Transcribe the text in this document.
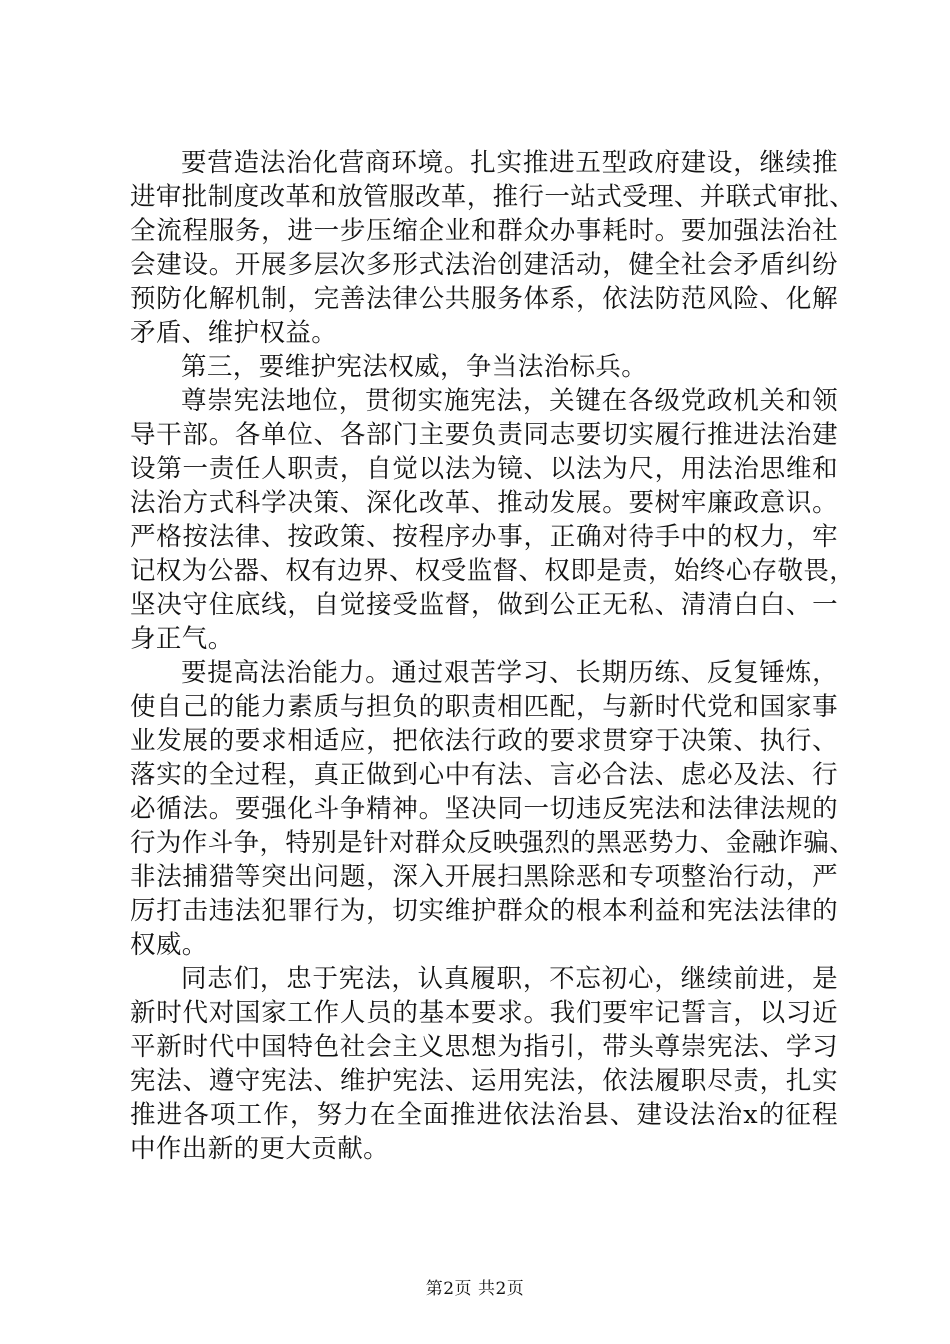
要营造法治化营商环境。扎实推进五型政府建设，继续推
进审批制度改革和放管服改革，推行一站式受理、并联式审批、
全流程服务，进一步压缩企业和群众办事耗时。要加强法治社
会建设。开展多层次多形式法治创建活动，健全社会矛盾纠纷
预防化解机制，完善法律公共服务体系，依法防范风险、化解
矛盾、维护权益。
第三，要维护宪法权威，争当法治标兵。
尊崇宪法地位，贯彻实施宪法，关键在各级党政机关和领
导干部。各单位、各部门主要负责同志要切实履行推进法治建
设第一责任人职责，自觉以法为镜、以法为尺，用法治思维和
法治方式科学决策、深化改革、推动发展。要树牢廉政意识。
严格按法律、按政策、按程序办事，正确对待手中的权力，牢
记权为公器、权有边界、权受监督、权即是责，始终心存敬畏，
坚决守住底线，自觉接受监督，做到公正无私、清清白白、一
身正气。
要提高法治能力。通过艰苦学习、长期历练、反复锤炼，
使自己的能力素质与担负的职责相匹配，与新时代党和国家事
业发展的要求相适应，把依法行政的要求贯穿于决策、执行、
落实的全过程，真正做到心中有法、言必合法、虑必及法、行
必循法。要强化斗争精神。坚决同一切违反宪法和法律法规的
行为作斗争，特别是针对群众反映强烈的黑恶势力、金融诈骗、
非法捕猎等突出问题，深入开展扫黑除恶和专项整治行动，严
厉打击违法犯罪行为，切实维护群众的根本利益和宪法法律的
权威。
同志们，忠于宪法，认真履职，不忘初心，继续前进，是
新时代对国家工作人员的基本要求。我们要牢记誓言，以习近
平新时代中国特色社会主义思想为指引，带头尊崇宪法、学习
宪法、遵守宪法、维护宪法、运用宪法，依法履职尽责，扎实
推进各项工作，努力在全面推进依法治县、建设法治x的征程
中作出新的更大贡献。
第2页 共2页
